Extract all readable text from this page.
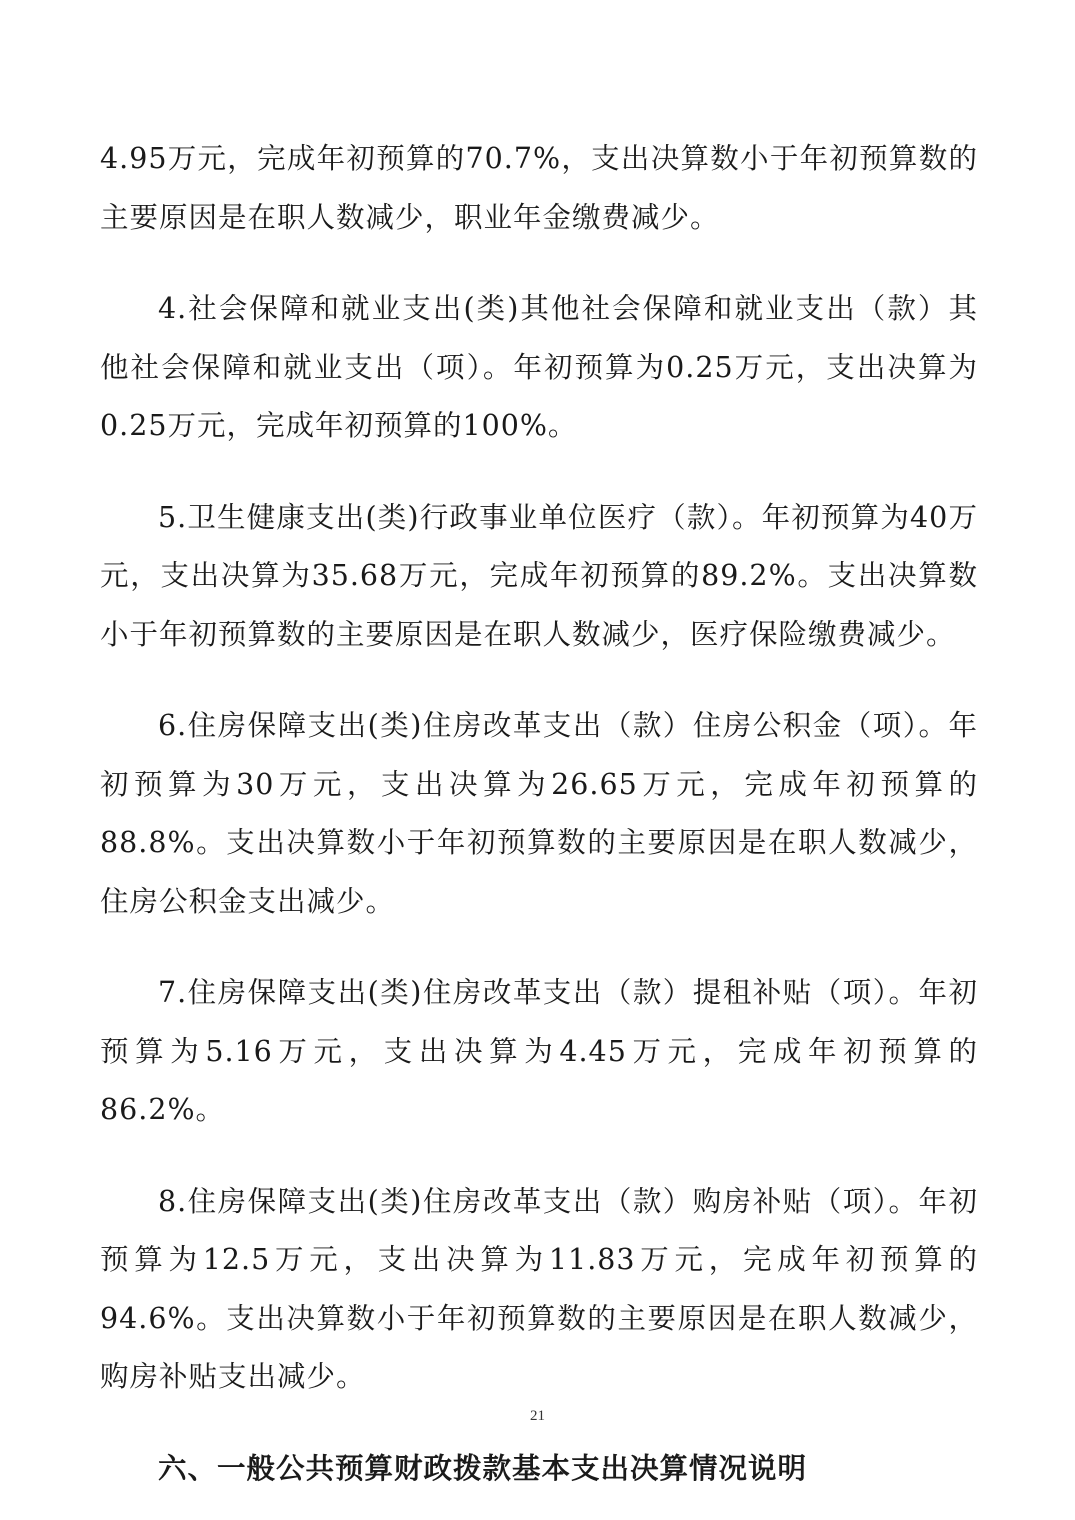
4.95万元，完成年初预算的70.7%，支出决算数小于年初预算数的主要原因是在职人数减少，职业年金缴费减少。

4.社会保障和就业支出(类)其他社会保障和就业支出（款）其他社会保障和就业支出（项）。年初预算为0.25万元，支出决算为0.25万元，完成年初预算的100%。

5.卫生健康支出(类)行政事业单位医疗（款）。年初预算为40万元，支出决算为35.68万元，完成年初预算的89.2%。支出决算数小于年初预算数的主要原因是在职人数减少，医疗保险缴费减少。

6.住房保障支出(类)住房改革支出（款）住房公积金（项）。年初预算为30万元，支出决算为26.65万元，完成年初预算的88.8%。支出决算数小于年初预算数的主要原因是在职人数减少，住房公积金支出减少。

7.住房保障支出(类)住房改革支出（款）提租补贴（项）。年初预算为5.16万元，支出决算为4.45万元，完成年初预算的86.2%。

8.住房保障支出(类)住房改革支出（款）购房补贴（项）。年初预算为12.5万元，支出决算为11.83万元，完成年初预算的94.6%。支出决算数小于年初预算数的主要原因是在职人数减少，购房补贴支出减少。

六、一般公共预算财政拨款基本支出决算情况说明
21
